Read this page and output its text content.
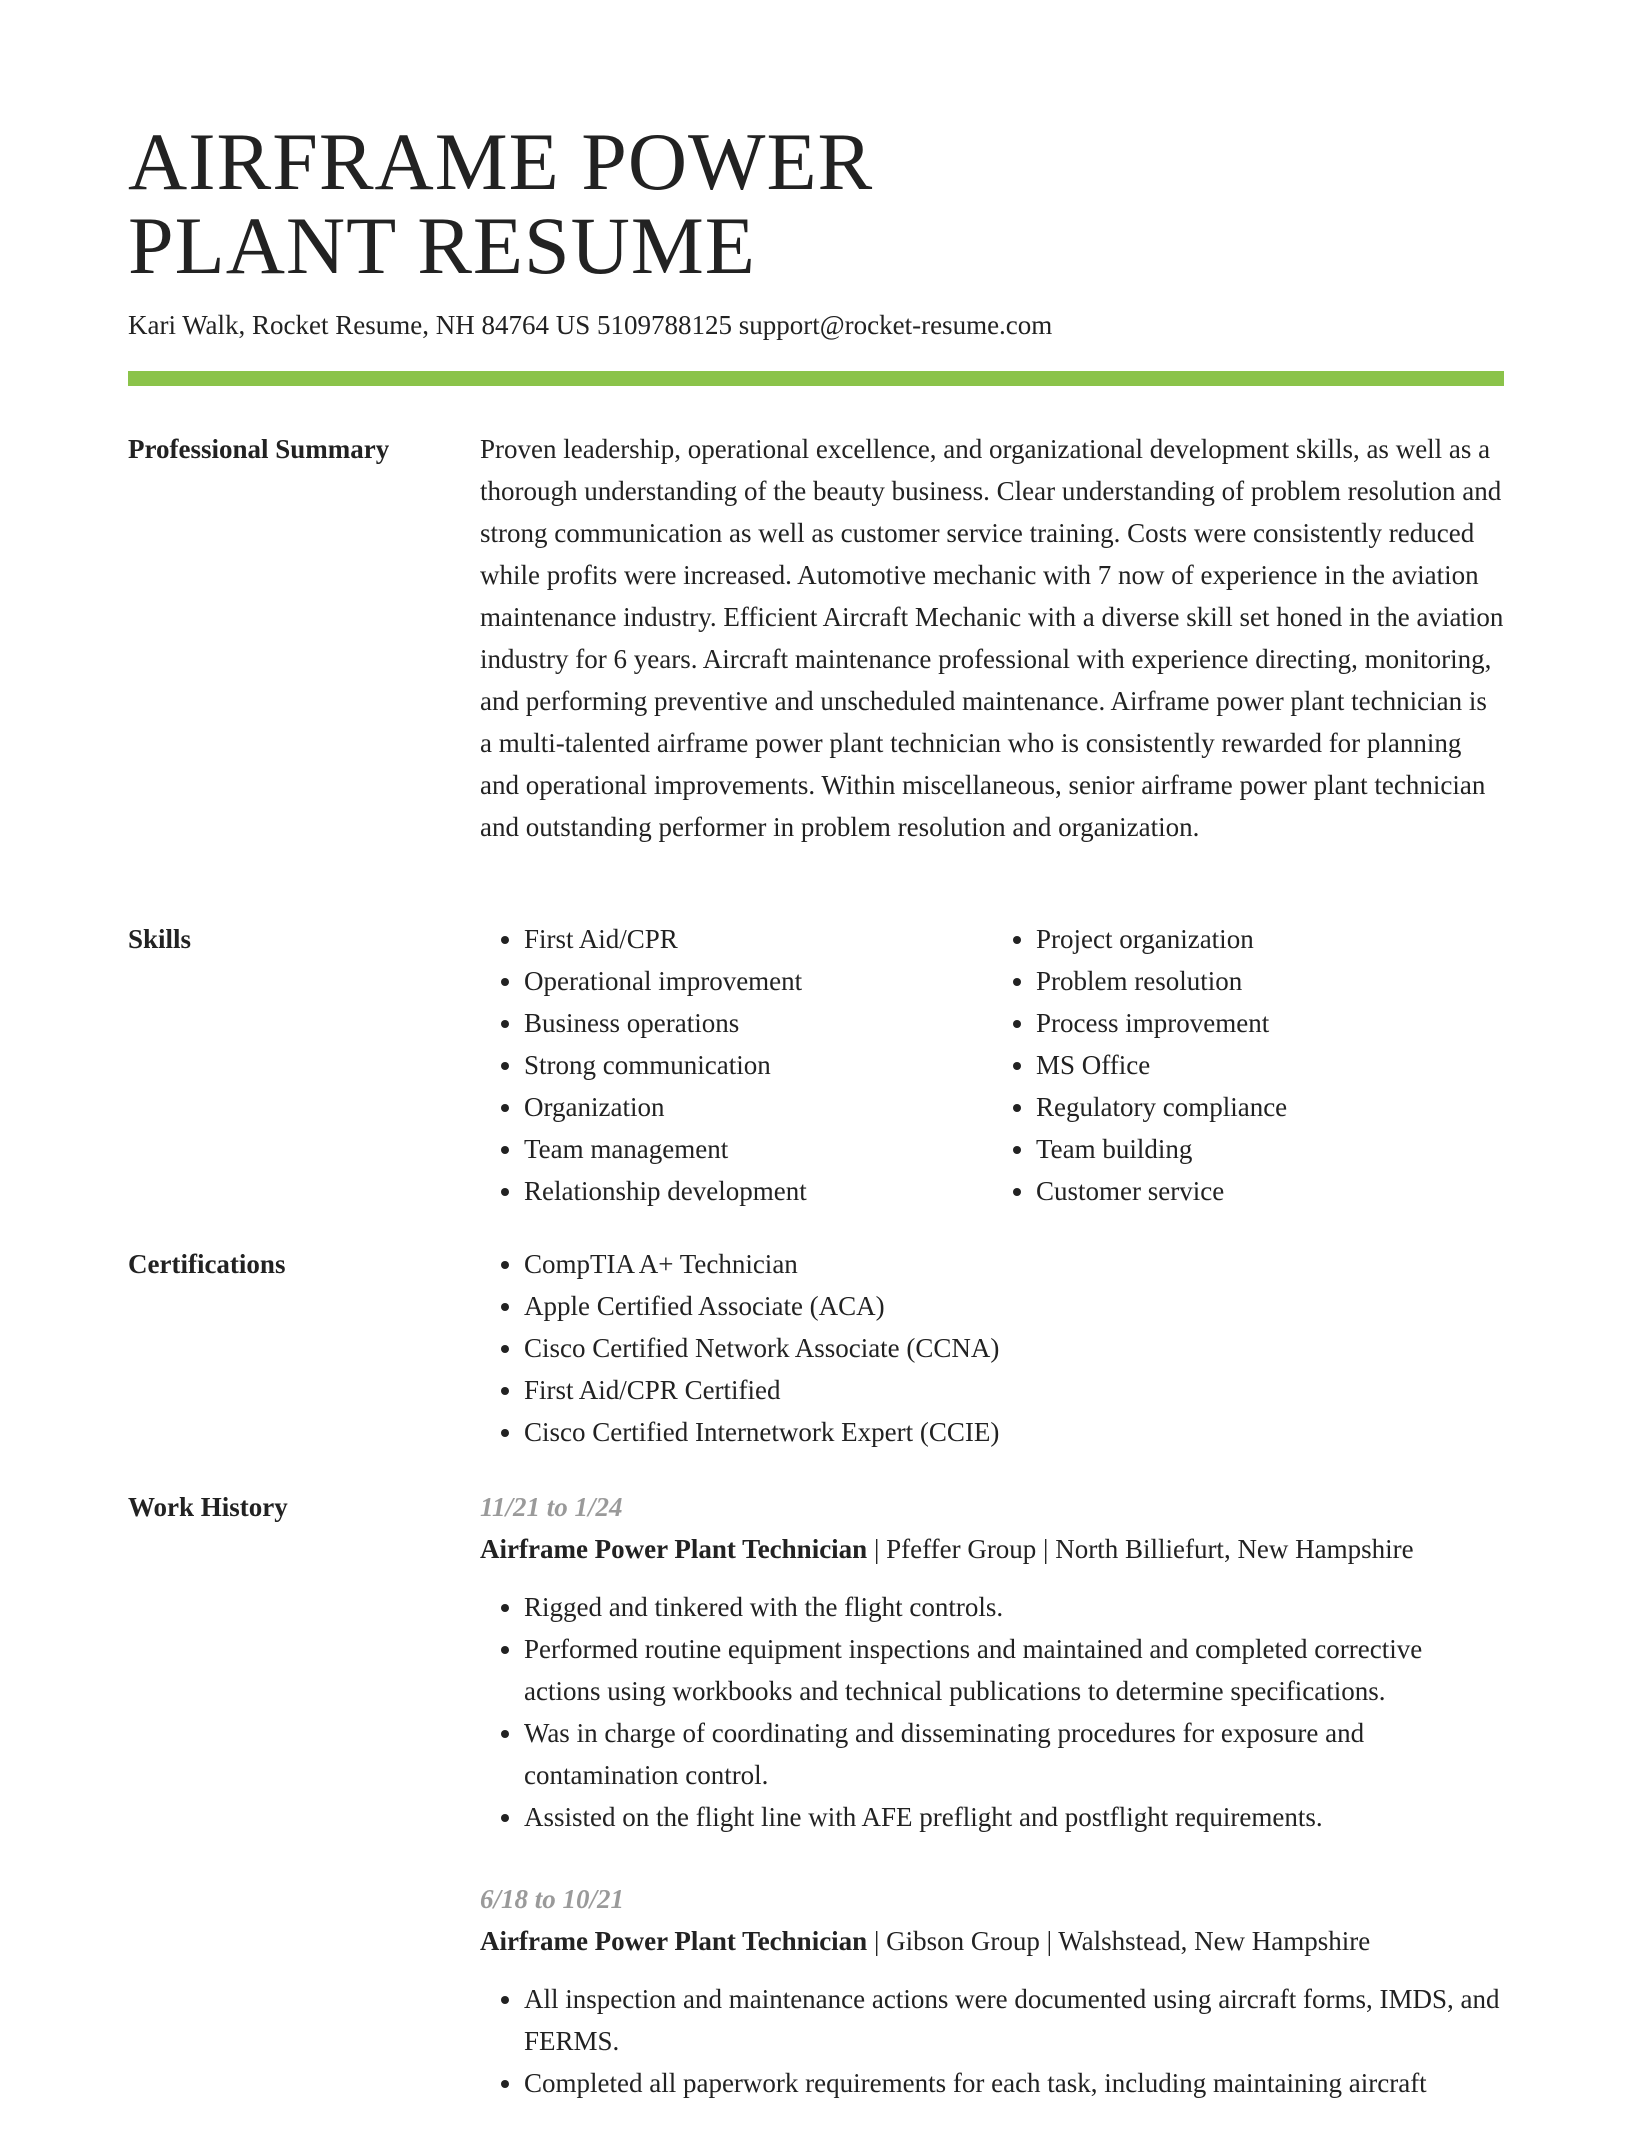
AIRFRAME POWER
PLANT RESUME
Kari Walk, Rocket Resume, NH 84764 US 5109788125 support@rocket-resume.com
Professional Summary	Proven leadership, operational excellence, and organizational development skills, as well as a thorough understanding of the beauty business. Clear understanding of problem resolution and strong communication as well as customer service training. Costs were consistently reduced while profits were increased. Automotive mechanic with 7 now of experience in the aviation maintenance industry. Efficient Aircraft Mechanic with a diverse skill set honed in the aviation industry for 6 years. Aircraft maintenance professional with experience directing, monitoring, and performing preventive and unscheduled maintenance. Airframe power plant technician is a multi-talented airframe power plant technician who is consistently rewarded for planning and operational improvements. Within miscellaneous, senior airframe power plant technician and outstanding performer in problem resolution and organization.

Skills	• First Aid/CPR
• Operational improvement
• Business operations
• Strong communication
• Organization
• Team management
• Relationship development
• Project organization
• Problem resolution
• Process improvement
• MS Office
• Regulatory compliance
• Team building
• Customer service
Certifications	• CompTIA A+ Technician
• Apple Certified Associate (ACA)
• Cisco Certified Network Associate (CCNA)
• First Aid/CPR Certified
• Cisco Certified Internetwork Expert (CCIE)
Work History	11/21 to 1/24
Airframe Power Plant Technician | Pfeffer Group | North Billiefurt, New Hampshire
• Rigged and tinkered with the flight controls.
• Performed routine equipment inspections and maintained and completed corrective actions using workbooks and technical publications to determine specifications.
• Was in charge of coordinating and disseminating procedures for exposure and contamination control.
• Assisted on the flight line with AFE preflight and postflight requirements.
6/18 to 10/21
Airframe Power Plant Technician | Gibson Group | Walshstead, New Hampshire
• All inspection and maintenance actions were documented using aircraft forms, IMDS, and FERMS.
• Completed all paperwork requirements for each task, including maintaining aircraft
